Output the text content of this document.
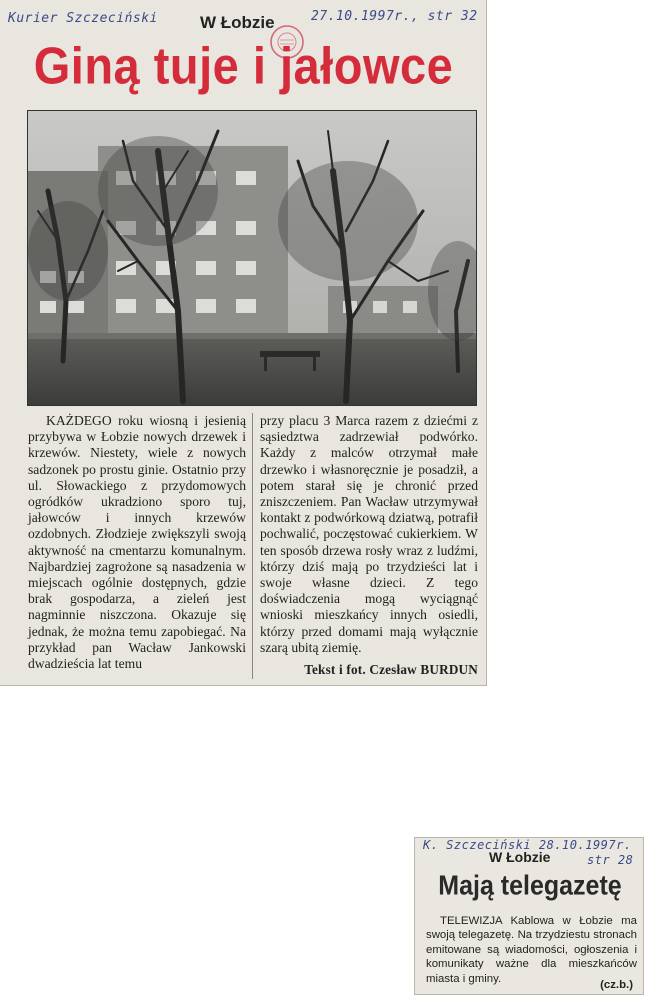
Kurier Szczeciński W Łobzie	27.10.1997r., str 32
Giną tuje i jałowce
KAŻDEGO roku wiosną i jesienią przybywa w Łobzie nowych drzewek i krzewów. Niestety, wiele z nowych sadzonek po prostu ginie. Ostatnio przy ul. Słowackiego z przydomowych ogródków ukradziono sporo tuj, jałowców i innych krzewów ozdobnych. Złodzieje zwiększyli swoją aktywność na cmentarzu komunalnym. Najbardziej zagrożone są nasadzenia w miejscach ogólnie dostępnych, gdzie brak gospodarza, a zieleń jest nagminnie niszczona. Okazuje się jednak, że można temu zapobiegać. Na przykład pan Wacław Jankowski dwadzieścia lat temu
przy placu 3 Marca razem z dziećmi z sąsiedztwa zadrzewiał podwórko. Każdy z malców otrzymał małe drzewko i własnoręcznie je posadził, a potem starał się je chronić przed zniszczeniem. Pan Wacław utrzymywał kontakt z podwórkową dziatwą, potrafił pochwalić, poczęstować cukierkiem. W ten sposób drzewa rosły wraz z ludźmi, którzy dziś mają po trzydzieści lat i swoje własne dzieci. Z tego doświadczenia mogą wyciągnąć wnioski mieszkańcy innych osiedli, którzy przed domami mają wyłącznie szarą ubitą ziemię.
Tekst i fot. Czesław BURDUN
K. Szczeciński 28.10.1997r.
W Łobzie	str 28
Mają telegazetę
TELEWIZJA Kablowa w Łobzie ma swoją telegazetę. Na trzydziestu stronach emitowane są wiadomości, ogłoszenia i komunikaty ważne dla mieszkańców miasta i gminy.
(cz.b.)
